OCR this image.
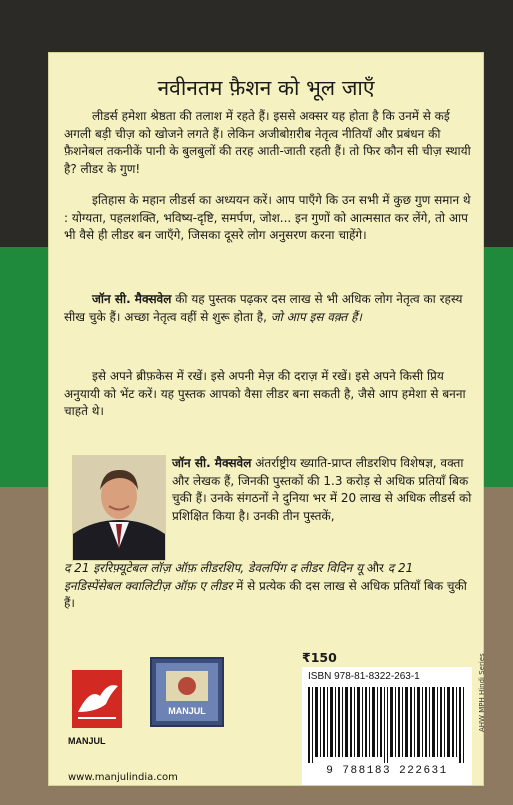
नवीनतम फ़ैशन को भूल जाएँ

लीडर्स हमेशा श्रेष्ठता की तलाश में रहते हैं। इससे अक्सर यह होता है कि उनमें से कई अगली बड़ी चीज़ को खोजने लगते हैं। लेकिन अजीबोग़रीब नेतृत्व नीतियाँ और प्रबंधन की फ़ैशनेबल तकनीकें पानी के बुलबुलों की तरह आती-जाती रहती हैं। तो फिर कौन सी चीज़ स्थायी है? लीडर के गुण!

इतिहास के महान लीडर्स का अध्ययन करें। आप पाएँगे कि उन सभी में कुछ गुण समान थे : योग्यता, पहलशक्ति, भविष्य-दृष्टि, समर्पण, जोश... इन गुणों को आत्मसात कर लेंगे, तो आप भी वैसे ही लीडर बन जाएँगे, जिसका दूसरे लोग अनुसरण करना चाहेंगे।

जॉन सी. मैक्सवेल की यह पुस्तक पढ़कर दस लाख से भी अधिक लोग नेतृत्व का रहस्य सीख चुके हैं। अच्छा नेतृत्व वहीं से शुरू होता है, जो आप इस वक़्त हैं।

इसे अपने ब्रीफ़केस में रखें। इसे अपनी मेज़ की दराज़ में रखें। इसे अपने किसी प्रिय अनुयायी को भेंट करें। यह पुस्तक आपको वैसा लीडर बना सकती है, जैसे आप हमेशा से बनना चाहते थे।

जॉन सी. मैक्सवेल अंतर्राष्ट्रीय ख्याति-प्राप्त लीडरशिप विशेषज्ञ, वक्ता और लेखक हैं, जिनकी पुस्तकों की 1.3 करोड़ से अधिक प्रतियाँ बिक चुकी हैं। उनके संगठनों ने दुनिया भर में 20 लाख से अधिक लीडर्स को प्रशिक्षित किया है। उनकी तीन पुस्तकें,

द 21 इररिफ़्यूटेबल लॉज़ ऑफ़ लीडरशिप, डेवलपिंग द लीडर विदिन यू और द 21 इनडिस्पेंसेबल क्वालिटीज़ ऑफ़ ए लीडर में से प्रत्येक की दस लाख से अधिक प्रतियाँ बिक चुकी हैं।

MANJUL
www.manjulindia.com
MANJUL
₹150
ISBN 978-81-8322-263-1
9 788183 222631
AHW MPH Hindi Series
